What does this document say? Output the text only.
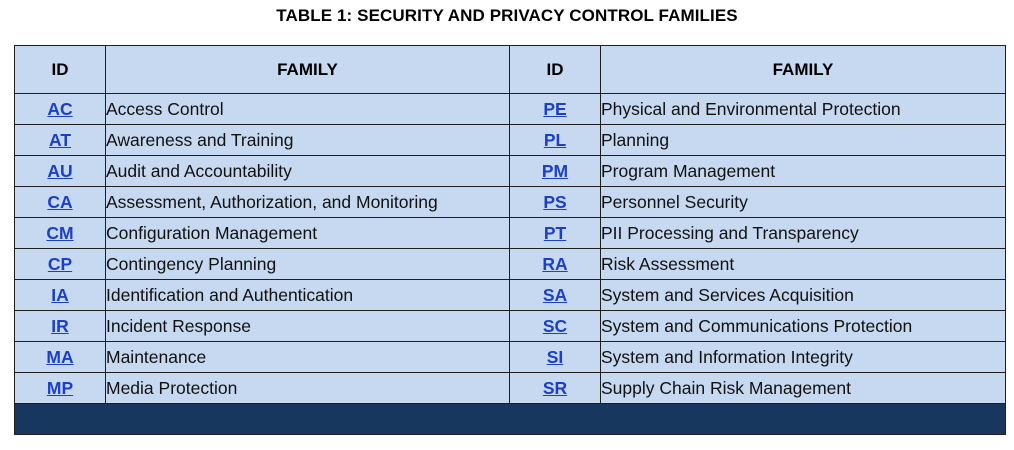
TABLE 1: SECURITY AND PRIVACY CONTROL FAMILIES
ID	FAMILY	ID	FAMILY
AC	Access Control	PE	Physical and Environmental Protection
AT	Awareness and Training	PL	Planning
AU	Audit and Accountability	PM	Program Management
CA	Assessment, Authorization, and Monitoring	PS	Personnel Security
CM	Configuration Management	PT	PII Processing and Transparency
CP	Contingency Planning	RA	Risk Assessment
IA	Identification and Authentication	SA	System and Services Acquisition
IR	Incident Response	SC	System and Communications Protection
MA	Maintenance	SI	System and Information Integrity
MP	Media Protection	SR	Supply Chain Risk Management
